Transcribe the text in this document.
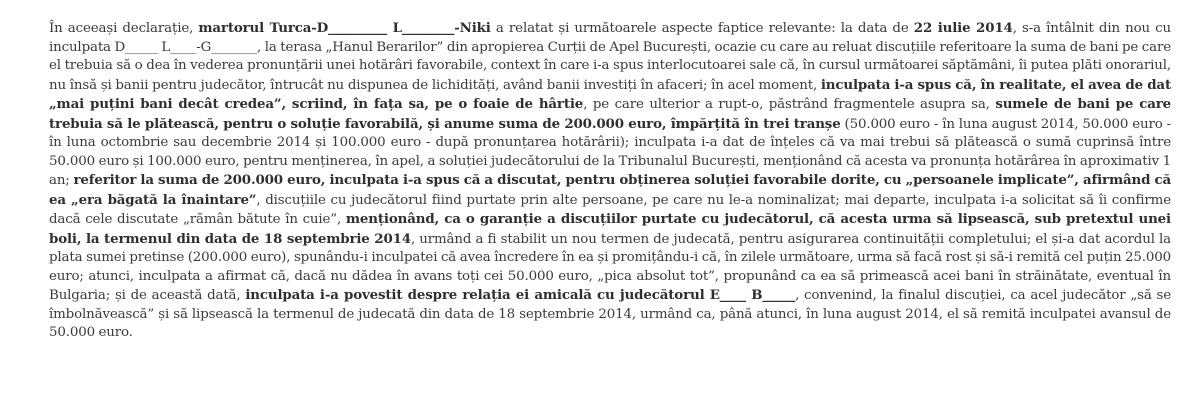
În aceeași declarație, martorul Turca-D_________ L________-Niki a relatat și următoarele aspecte faptice relevante: la data de 22 iulie 2014, s-a întâlnit din nou cu inculpata D_____ L____-G_______, la terasa „Hanul Berarilor” din apropierea Curții de Apel București, ocazie cu care au reluat discuțiile referitoare la suma de bani pe care el trebuia să o dea în vederea pronunțării unei hotărâri favorabile, context în care i-a spus interlocutoarei sale că, în cursul următoarei săptămâni, îi putea plăti onorariul, nu însă și banii pentru judecător, întrucât nu dispunea de lichidități, având banii investiți în afaceri; în acel moment, inculpata i-a spus că, în realitate, el avea de dat „mai puțini bani decât credea”, scriind, în fața sa, pe o foaie de hârtie, pe care ulterior a rupt-o, păstrând fragmentele asupra sa, sumele de bani pe care trebuia să le plătească, pentru o soluție favorabilă, și anume suma de 200.000 euro, împărțită în trei tranșe (50.000 euro - în luna august 2014, 50.000 euro - în luna octombrie sau decembrie 2014 și 100.000 euro - după pronunțarea hotărârii); inculpata i-a dat de înțeles că va mai trebui să plătească o sumă cuprinsă între 50.000 euro și 100.000 euro, pentru menținerea, în apel, a soluției judecătorului de la Tribunalul București, menționând că acesta va pronunța hotărârea în aproximativ 1 an; referitor la suma de 200.000 euro, inculpata i-a spus că a discutat, pentru obținerea soluției favorabile dorite, cu „persoanele implicate”, afirmând că ea „era băgată la înaintare”, discuțiile cu judecătorul fiind purtate prin alte persoane, pe care nu le-a nominalizat; mai departe, inculpata i-a solicitat să îi confirme dacă cele discutate „rămân bătute în cuie”, menționând, ca o garanție a discuțiilor purtate cu judecătorul, că acesta urma să lipsească, sub pretextul unei boli, la termenul din data de 18 septembrie 2014, urmând a fi stabilit un nou termen de judecată, pentru asigurarea continuității completului; el și-a dat acordul la plata sumei pretinse (200.000 euro), spunându-i inculpatei că avea încredere în ea și promițându-i că, în zilele următoare, urma să facă rost și să-i remită cel puțin 25.000 euro; atunci, inculpata a afirmat că, dacă nu dădea în avans toți cei 50.000 euro, „pica absolut tot”, propunând ca ea să primească acei bani în străinătate, eventual în Bulgaria; și de această dată, inculpata i-a povestit despre relația ei amicală cu judecătorul E____ B_____, convenind, la finalul discuției, ca acel judecător „să se îmbolnăvească” și să lipsească la termenul de judecată din data de 18 septembrie 2014, urmând ca, până atunci, în luna august 2014, el să remită inculpatei avansul de 50.000 euro.
